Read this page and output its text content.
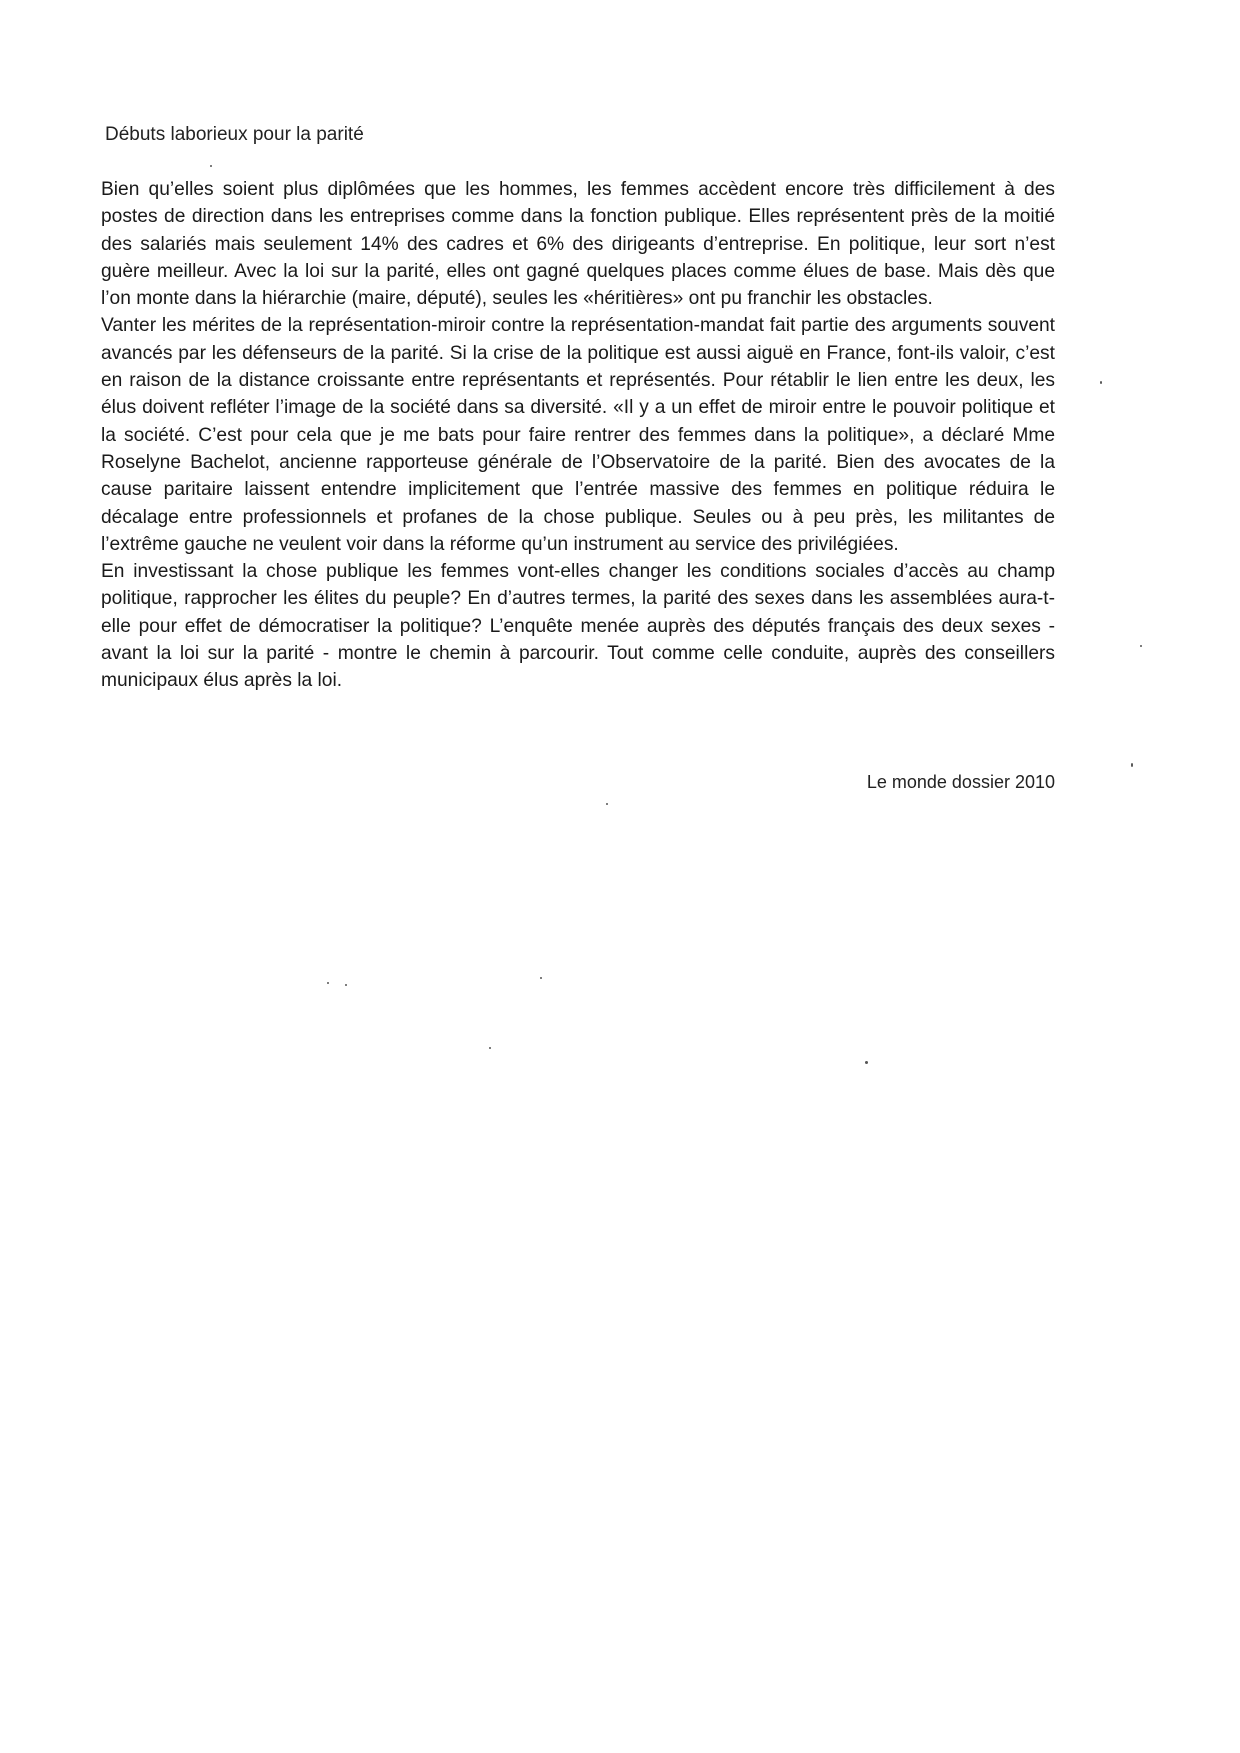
Débuts laborieux pour la parité

Bien qu’elles soient plus diplômées que les hommes, les femmes accèdent encore très difficilement à des postes de direction dans les entreprises comme dans la fonction publique. Elles représentent près de la moitié des salariés mais seulement 14% des cadres et 6% des dirigeants d’entreprise. En politique, leur sort n’est guère meilleur. Avec la loi sur la parité, elles ont gagné quelques places comme élues de base. Mais dès que l’on monte dans la hiérarchie (maire, député), seules les «héritières» ont pu franchir les obstacles.

Vanter les mérites de la représentation-miroir contre la représentation-mandat fait partie des arguments souvent avancés par les défenseurs de la parité. Si la crise de la politique est aussi aiguë en France, font-ils valoir, c’est en raison de la distance croissante entre représentants et représentés. Pour rétablir le lien entre les deux, les élus doivent refléter l’image de la société dans sa diversité. «Il y a un effet de miroir entre le pouvoir politique et la société. C’est pour cela que je me bats pour faire rentrer des femmes dans la politique», a déclaré Mme Roselyne Bachelot, ancienne rapporteuse générale de l’Observatoire de la parité. Bien des avocates de la cause paritaire laissent entendre implicitement que l’entrée massive des femmes en politique réduira le décalage entre professionnels et profanes de la chose publique. Seules ou à peu près, les militantes de l’extrême gauche ne veulent voir dans la réforme qu’un instrument au service des privilégiées.

En investissant la chose publique les femmes vont-elles changer les conditions sociales d’accès au champ politique, rapprocher les élites du peuple? En d’autres termes, la parité des sexes dans les assemblées aura-t-elle pour effet de démocratiser la politique? L’enquête menée auprès des députés français des deux sexes - avant la loi sur la parité - montre le chemin à parcourir. Tout comme celle conduite, auprès des conseillers municipaux élus après la loi.

Le monde dossier 2010
